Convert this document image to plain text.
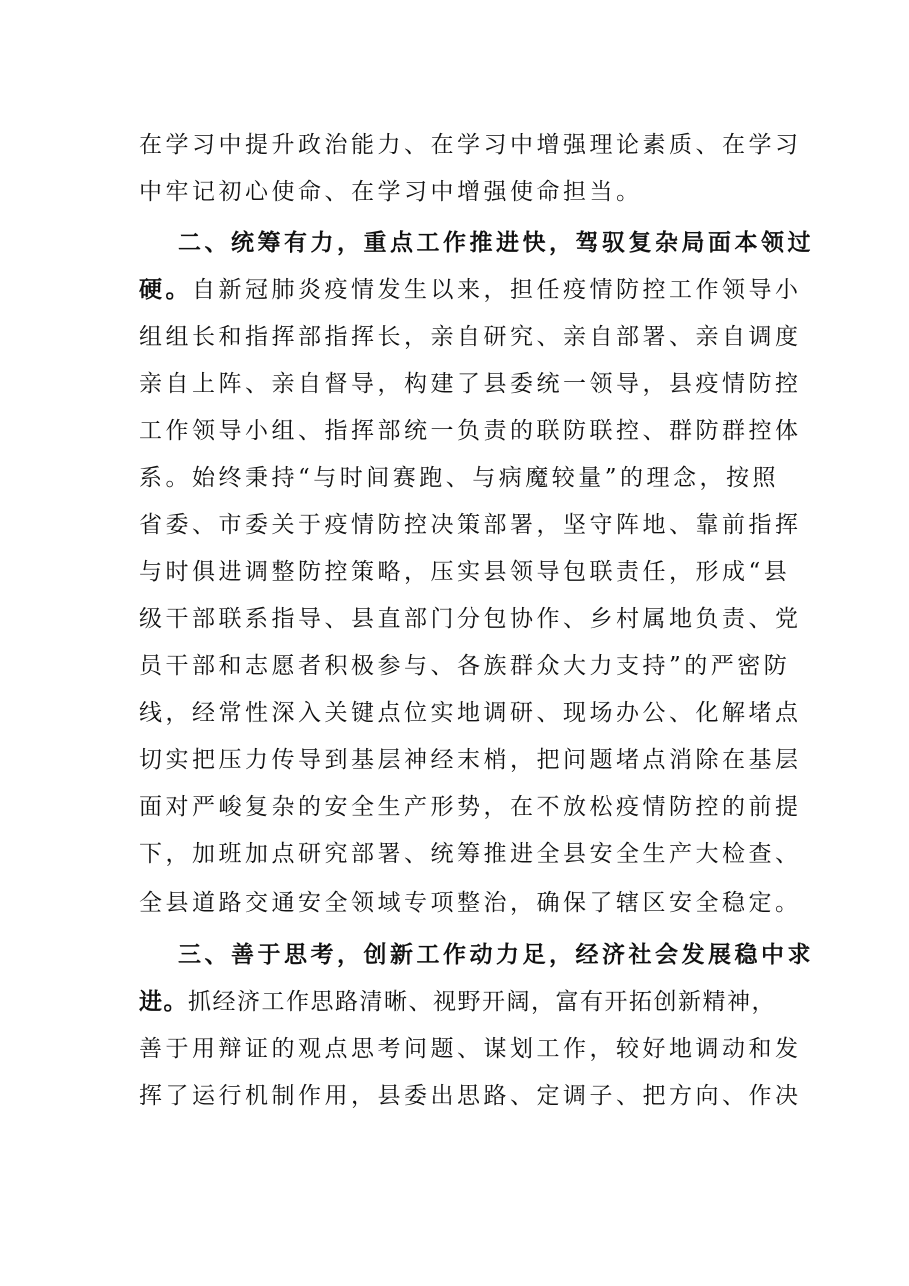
在学习中提升政治能力、在学习中增强理论素质、在学习
中牢记初心使命、在学习中增强使命担当。
二、统筹有力，重点工作推进快，驾驭复杂局面本领过
硬。自新冠肺炎疫情发生以来，担任疫情防控工作领导小
组组长和指挥部指挥长，亲自研究、亲自部署、亲自调度
亲自上阵、亲自督导，构建了县委统一领导，县疫情防控
工作领导小组、指挥部统一负责的联防联控、群防群控体
系。始终秉持“与时间赛跑、与病魔较量”的理念，按照
省委、市委关于疫情防控决策部署，坚守阵地、靠前指挥
与时俱进调整防控策略，压实县领导包联责任，形成“县
级干部联系指导、县直部门分包协作、乡村属地负责、党
员干部和志愿者积极参与、各族群众大力支持”的严密防
线，经常性深入关键点位实地调研、现场办公、化解堵点
切实把压力传导到基层神经末梢，把问题堵点消除在基层
面对严峻复杂的安全生产形势，在不放松疫情防控的前提
下，加班加点研究部署、统筹推进全县安全生产大检查、
全县道路交通安全领域专项整治，确保了辖区安全稳定。
三、善于思考，创新工作动力足，经济社会发展稳中求
进。抓经济工作思路清晰、视野开阔，富有开拓创新精神，
善于用辩证的观点思考问题、谋划工作，较好地调动和发
挥了运行机制作用，县委出思路、定调子、把方向、作决
